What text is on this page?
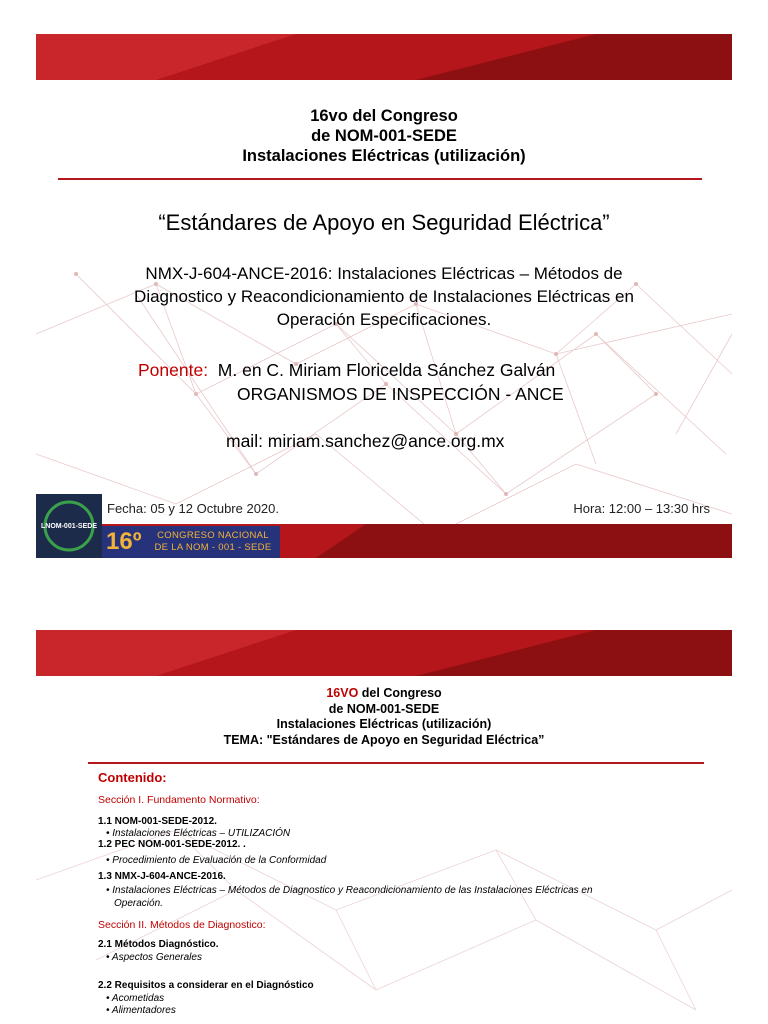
16vo del Congreso
de NOM-001-SEDE
Instalaciones Eléctricas (utilización)
“Estándares de Apoyo en Seguridad Eléctrica”
NMX-J-604-ANCE-2016: Instalaciones Eléctricas – Métodos de
Diagnostico y Reacondicionamiento de Instalaciones Eléctricas en
Operación Especificaciones.
Ponente: M. en C. Miriam Floricelda Sánchez Galván
ORGANISMOS DE INSPECCIÓN - ANCE
mail: miriam.sanchez@ance.org.mx
LNOM-001-SEDE
16º	CONGRESO NACIONAL
DE LA NOM - 001 - SEDE
Fecha: 05 y 12 Octubre 2020.	Hora: 12:00 – 13:30 hrs
16VO del Congreso
de NOM-001-SEDE
Instalaciones Eléctricas (utilización)
TEMA: "Estándares de Apoyo en Seguridad Eléctrica”
Contenido:
Sección I. Fundamento Normativo:
1.1 NOM-001-SEDE-2012.
• Instalaciones Eléctricas – UTILIZACIÓN
1.2 PEC NOM-001-SEDE-2012. .
• Procedimiento de Evaluación de la Conformidad
1.3 NMX-J-604-ANCE-2016.
• Instalaciones Eléctricas – Métodos de Diagnostico y Reacondicionamiento de las Instalaciones Eléctricas en
Operación.
Sección II. Métodos de Diagnostico:
2.1 Métodos Diagnóstico.
• Aspectos Generales
2.2 Requisitos a considerar en el Diagnóstico
• Acometidas
• Alimentadores
